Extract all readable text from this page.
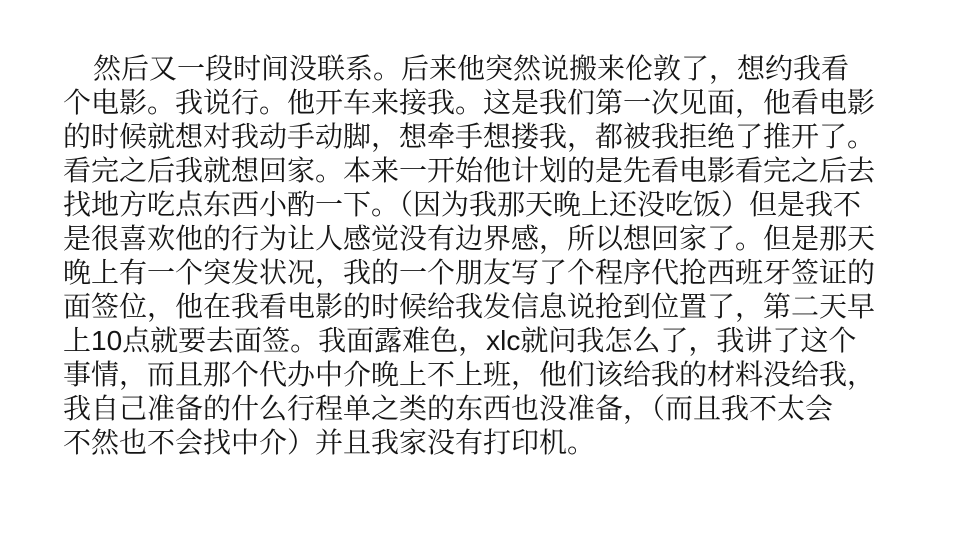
然后又一段时间没联系。后来他突然说搬来伦敦了，想约我看
个电影。我说行。他开车来接我。这是我们第一次见面，他看电影
的时候就想对我动手动脚，想牵手想搂我，都被我拒绝了推开了。
看完之后我就想回家。本来一开始他计划的是先看电影看完之后去
找地方吃点东西小酌一下。（因为我那天晚上还没吃饭）但是我不
是很喜欢他的行为让人感觉没有边界感，所以想回家了。但是那天
晚上有一个突发状况，我的一个朋友写了个程序代抢西班牙签证的
面签位，他在我看电影的时候给我发信息说抢到位置了，第二天早
上10点就要去面签。我面露难色，xlc就问我怎么了，我讲了这个
事情，而且那个代办中介晚上不上班，他们该给我的材料没给我，
我自己准备的什么行程单之类的东西也没准备，（而且我不太会
不然也不会找中介）并且我家没有打印机。
